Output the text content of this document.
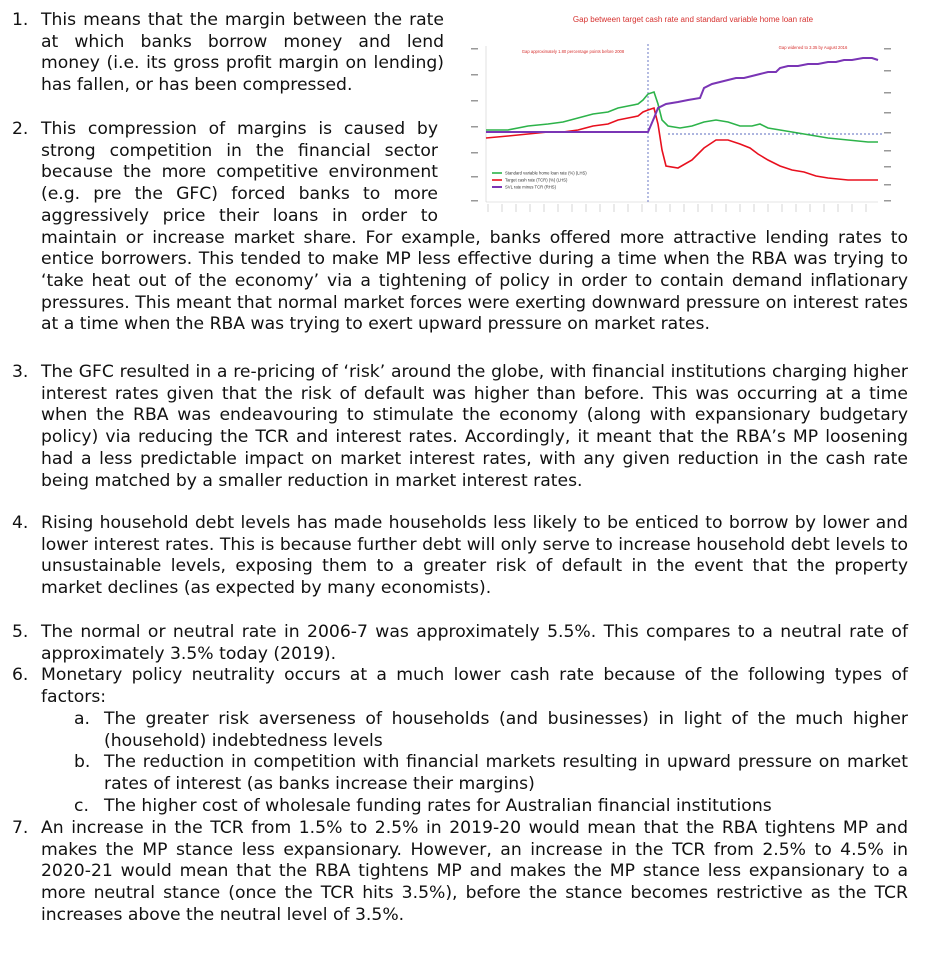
1. This means that the margin between the rate at which banks borrow money and lend money (i.e. its gross profit margin on lending) has fallen, or has been compressed.
2. This compression of margins is caused by strong competition in the financial sector because the more competitive environment (e.g. pre the GFC) forced banks to more aggressively price their loans in order to maintain or increase market share. For example, banks offered more attractive lending rates to entice borrowers. This tended to make MP less effective during a time when the RBA was trying to ‘take heat out of the economy’ via a tightening of policy in order to contain demand inflationary pressures. This meant that normal market forces were exerting downward pressure on interest rates at a time when the RBA was trying to exert upward pressure on market rates.
3. The GFC resulted in a re-pricing of ‘risk’ around the globe, with financial institutions charging higher interest rates given that the risk of default was higher than before. This was occurring at a time when the RBA was endeavouring to stimulate the economy (along with expansionary budgetary policy) via reducing the TCR and interest rates. Accordingly, it meant that the RBA’s MP loosening had a less predictable impact on market interest rates, with any given reduction in the cash rate being matched by a smaller reduction in market interest rates.
4. Rising household debt levels has made households less likely to be enticed to borrow by lower and lower interest rates. This is because further debt will only serve to increase household debt levels to unsustainable levels, exposing them to a greater risk of default in the event that the property market declines (as expected by many economists).
5. The normal or neutral rate in 2006-7 was approximately 5.5%. This compares to a neutral rate of approximately 3.5% today (2019).
6. Monetary policy neutrality occurs at a much lower cash rate because of the following types of factors:
a. The greater risk averseness of households (and businesses) in light of the much higher (household) indebtedness levels
b. The reduction in competition with financial markets resulting in upward pressure on market rates of interest (as banks increase their margins)
c. The higher cost of wholesale funding rates for Australian financial institutions
7. An increase in the TCR from 1.5% to 2.5% in 2019-20 would mean that the RBA tightens MP and makes the MP stance less expansionary. However, an increase in the TCR from 2.5% to 4.5% in 2020-21 would mean that the RBA tightens MP and makes the MP stance less expansionary to a more neutral stance (once the TCR hits 3.5%), before the stance becomes restrictive as the TCR increases above the neutral level of 3.5%.
Gap between target cash rate and standard variable home loan rate
Gap approximately 1.80 percentage points before 2008
Gap widened to 3.35 by August 2016
Standard variable home loan rate (%) (LHS)
Target cash rate (TCR) (%) (LHS)
SVL rate minus TCR (RHS)
